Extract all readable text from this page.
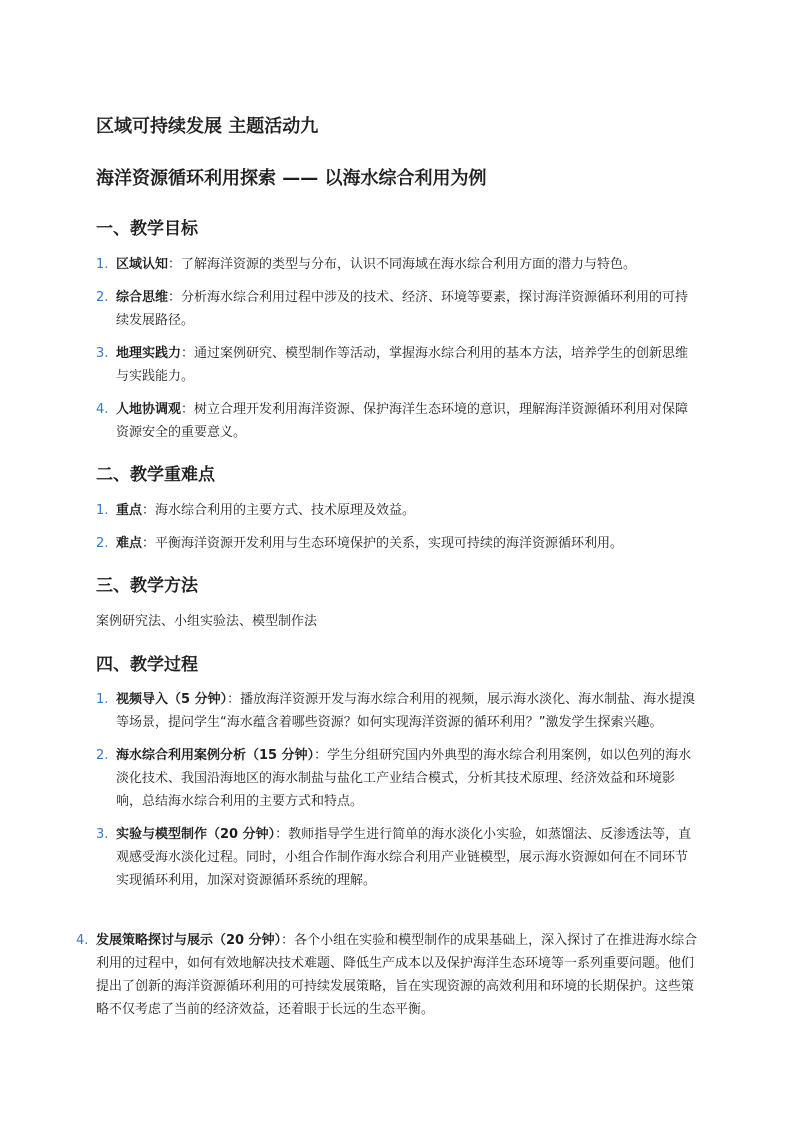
区域可持续发展 主题活动九
海洋资源循环利用探索 —— 以海水综合利用为例
一、教学目标
1. 区域认知：了解海洋资源的类型与分布，认识不同海域在海水综合利用方面的潜力与特色。
2. 综合思维：分析海水综合利用过程中涉及的技术、经济、环境等要素，探讨海洋资源循环利用的可持续发展路径。
3. 地理实践力：通过案例研究、模型制作等活动，掌握海水综合利用的基本方法，培养学生的创新思维与实践能力。
4. 人地协调观：树立合理开发利用海洋资源、保护海洋生态环境的意识，理解海洋资源循环利用对保障资源安全的重要意义。
二、教学重难点
1. 重点：海水综合利用的主要方式、技术原理及效益。
2. 难点：平衡海洋资源开发利用与生态环境保护的关系，实现可持续的海洋资源循环利用。
三、教学方法
案例研究法、小组实验法、模型制作法
四、教学过程
1. 视频导入（5 分钟）：播放海洋资源开发与海水综合利用的视频，展示海水淡化、海水制盐、海水提溴等场景，提问学生“海水蕴含着哪些资源？如何实现海洋资源的循环利用？”激发学生探索兴趣。
2. 海水综合利用案例分析（15 分钟）：学生分组研究国内外典型的海水综合利用案例，如以色列的海水淡化技术、我国沿海地区的海水制盐与盐化工产业结合模式，分析其技术原理、经济效益和环境影响，总结海水综合利用的主要方式和特点。
3. 实验与模型制作（20 分钟）：教师指导学生进行简单的海水淡化小实验，如蒸馏法、反渗透法等，直观感受海水淡化过程。同时，小组合作制作海水综合利用产业链模型，展示海水资源如何在不同环节实现循环利用，加深对资源循环系统的理解。
4. 发展策略探讨与展示（20 分钟）：各个小组在实验和模型制作的成果基础上，深入探讨了在推进海水综合利用的过程中，如何有效地解决技术难题、降低生产成本以及保护海洋生态环境等一系列重要问题。他们提出了创新的海洋资源循环利用的可持续发展策略，旨在实现资源的高效利用和环境的长期保护。这些策略不仅考虑了当前的经济效益，还着眼于长远的生态平衡。
